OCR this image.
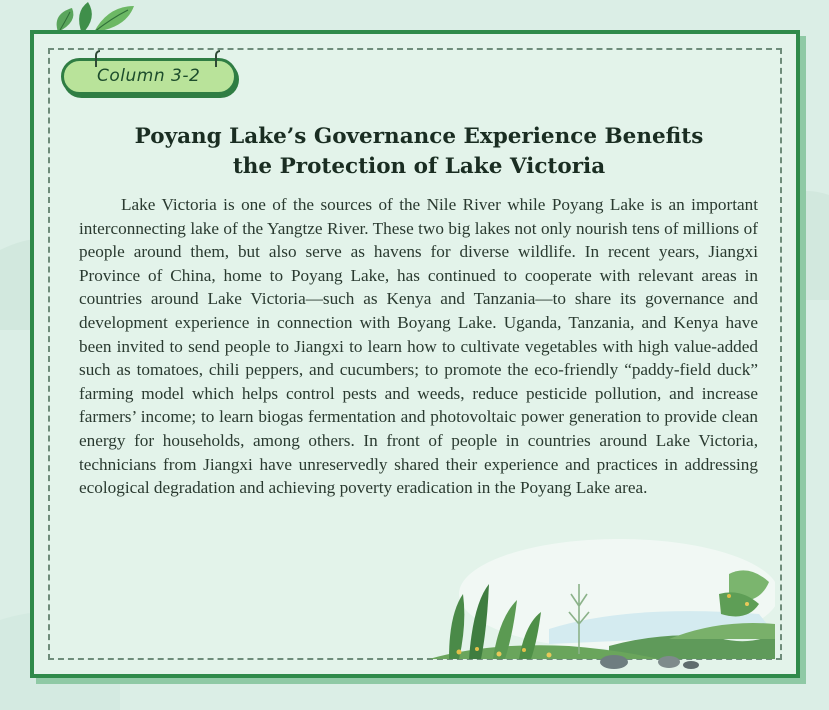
Column 3-2
Poyang Lake’s Governance Experience Benefits
the Protection of Lake Victoria

Lake Victoria is one of the sources of the Nile River while Poyang Lake is an important interconnecting lake of the Yangtze River. These two big lakes not only nourish tens of millions of people around them, but also serve as havens for diverse wildlife. In recent years, Jiangxi Province of China, home to Poyang Lake, has continued to cooperate with relevant areas in countries around Lake Victoria—such as Kenya and Tanzania—to share its governance and development experience in connection with Boyang Lake. Uganda, Tanzania, and Kenya have been invited to send people to Jiangxi to learn how to cultivate vegetables with high value-added such as tomatoes, chili peppers, and cucumbers; to promote the eco-friendly “paddy-field duck” farming model which helps control pests and weeds, reduce pesticide pollution, and increase farmers’ income; to learn biogas fermentation and photovoltaic power generation to provide clean energy for households, among others. In front of people in countries around Lake Victoria, technicians from Jiangxi have unreservedly shared their experience and practices in addressing ecological degradation and achieving poverty eradication in the Poyang Lake area.
